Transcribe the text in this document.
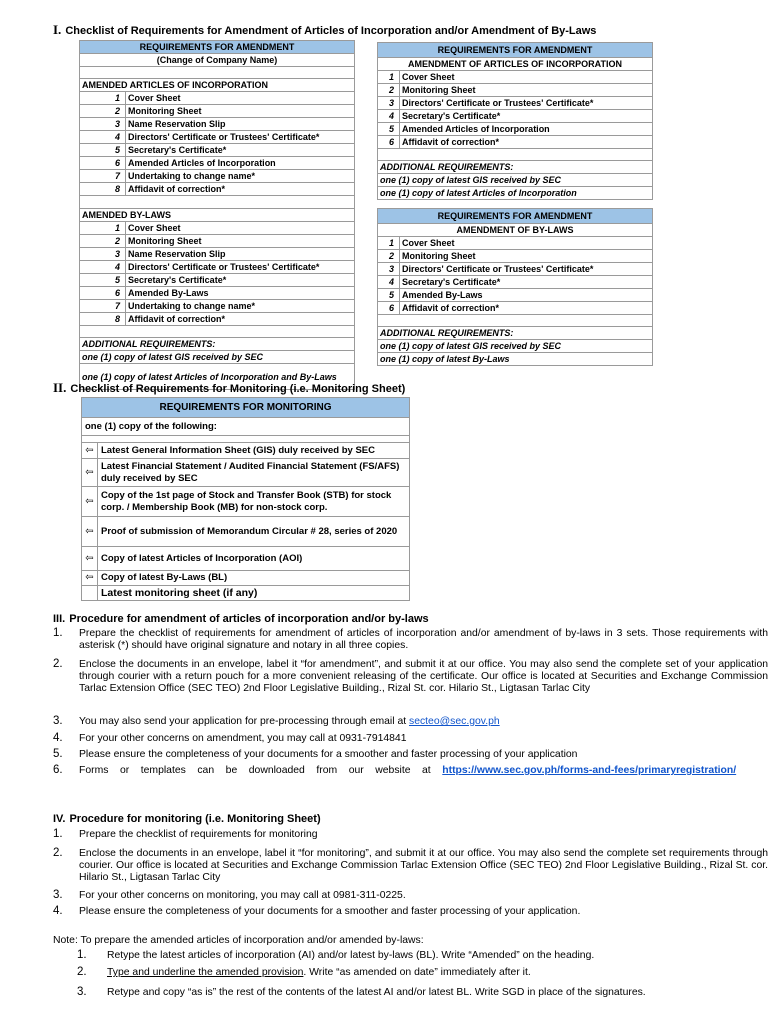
I. Checklist of Requirements for Amendment of Articles of Incorporation and/or Amendment of By-Laws
REQUIREMENTS FOR AMENDMENT	
(Change of Company Name)	

AMENDED ARTICLES OF INCORPORATION	
1	Cover Sheet
2	Monitoring Sheet
3	Name Reservation Slip
4	Directors' Certificate or Trustees' Certificate*
5	Secretary's Certificate*
6	Amended Articles of Incorporation
7	Undertaking to change name*
8	Affidavit of correction*

AMENDED BY-LAWS	
1	Cover Sheet
2	Monitoring Sheet
3	Name Reservation Slip
4	Directors' Certificate or Trustees' Certificate*
5	Secretary's Certificate*
6	Amended By-Laws
7	Undertaking to change name*
8	Affidavit of correction*

ADDITIONAL REQUIREMENTS:	
one (1) copy of latest GIS received by SEC	
one (1) copy of latest Articles of Incorporation and By-Laws	
REQUIREMENTS FOR AMENDMENT	
AMENDMENT OF ARTICLES OF INCORPORATION	
1	Cover Sheet
2	Monitoring Sheet
3	Directors' Certificate or Trustees' Certificate*
4	Secretary's Certificate*
5	Amended Articles of Incorporation
6	Affidavit of correction*

ADDITIONAL REQUIREMENTS:	
one (1) copy of latest GIS received by SEC	
one (1) copy of latest Articles of Incorporation	
REQUIREMENTS FOR AMENDMENT	
AMENDMENT OF BY-LAWS	
1	Cover Sheet
2	Monitoring Sheet
3	Directors' Certificate or Trustees' Certificate*
4	Secretary's Certificate*
5	Amended By-Laws
6	Affidavit of correction*

ADDITIONAL REQUIREMENTS:	
one (1) copy of latest GIS received by SEC	
one (1) copy of latest By-Laws	
II. Checklist of Requirements for Monitoring (i.e. Monitoring Sheet)
REQUIREMENTS FOR MONITORING	
one (1) copy of the following:	

⇦	Latest General Information Sheet (GIS) duly received by SEC
⇦	Latest Financial Statement / Audited Financial Statement (FS/AFS) duly received by SEC
⇦	Copy of the 1st page of Stock and Transfer Book (STB) for stock corp. / Membership Book (MB) for non-stock corp.
⇦	Proof of submission of Memorandum Circular # 28, series of 2020
⇦	Copy of latest Articles of Incorporation (AOI)
⇦	Copy of latest By-Laws (BL)
	Latest monitoring sheet (if any)
III. Procedure for amendment of articles of incorporation and/or by-laws
1.	Prepare the checklist of requirements for amendment of articles of incorporation and/or amendment of by-laws in 3 sets. Those requirements with asterisk (*) should have original signature and notary in all three copies.
2.	Enclose the documents in an envelope, label it “for amendment”, and submit it at our office. You may also send the complete set of your application through courier with a return pouch for a more convenient releasing of the certificate. Our office is located at Securities and Exchange Commission Tarlac Extension Office (SEC TEO) 2nd Floor Legislative Building., Rizal St. cor. Hilario St., Ligtasan Tarlac City
3.	You may also send your application for pre-processing through email at secteo@sec.gov.ph
4.	For your other concerns on amendment, you may call at 0931-7914841
5.	Please ensure the completeness of your documents for a smoother and faster processing of your application
6.	Forms    or    templates    can    be    downloaded    from    our    website    at https://www.sec.gov.ph/forms-and-fees/primaryregistration/
IV. Procedure for monitoring (i.e. Monitoring Sheet)
1.	Prepare the checklist of requirements for monitoring
2.	Enclose the documents in an envelope, label it “for monitoring”, and submit it at our office. You may also send the complete set requirements through courier. Our office is located at Securities and Exchange Commission Tarlac Extension Office (SEC TEO) 2nd Floor Legislative Building., Rizal St. cor. Hilario St., Ligtasan Tarlac City
3.	For your other concerns on monitoring, you may call at 0981-311-0225.
4.	Please ensure the completeness of your documents for a smoother and faster processing of your application.
Note: To prepare the amended articles of incorporation and/or amended by-laws:
1.	Retype the latest articles of incorporation (AI) and/or latest by-laws (BL). Write “Amended” on the heading.
2.	Type and underline the amended provision. Write “as amended on date” immediately after it.
3.	Retype and copy “as is” the rest of the contents of the latest AI and/or latest BL. Write SGD in place of the signatures.
